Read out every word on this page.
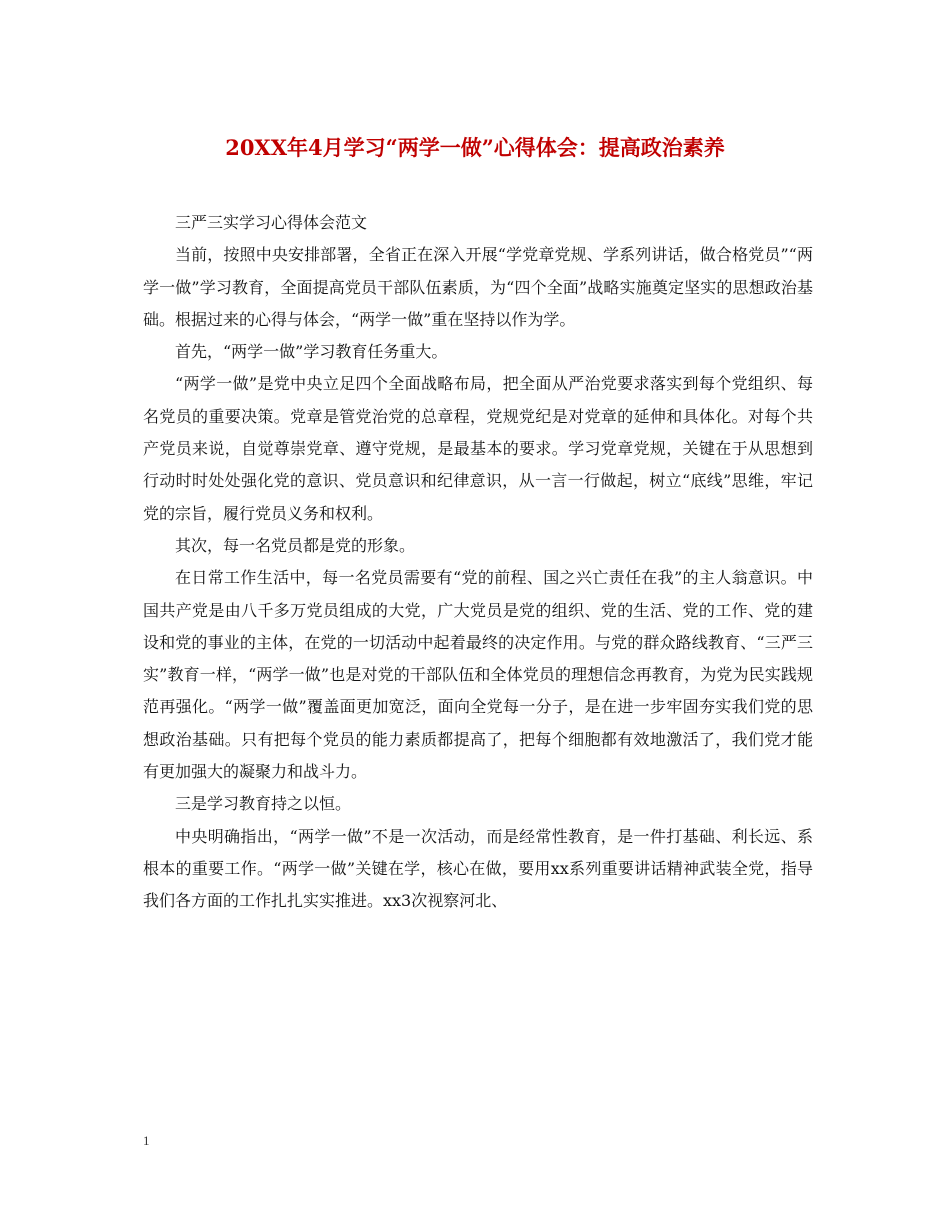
20XX年4月学习“两学一做”心得体会：提高政治素养

三严三实学习心得体会范文

当前，按照中央安排部署，全省正在深入开展“学党章党规、学系列讲话，做合格党员”“两学一做”学习教育，全面提高党员干部队伍素质，为“四个全面”战略实施奠定坚实的思想政治基础。根据过来的心得与体会，“两学一做”重在坚持以作为学。

首先，“两学一做”学习教育任务重大。

“两学一做”是党中央立足四个全面战略布局，把全面从严治党要求落实到每个党组织、每名党员的重要决策。党章是管党治党的总章程，党规党纪是对党章的延伸和具体化。对每个共产党员来说，自觉尊崇党章、遵守党规，是最基本的要求。学习党章党规，关键在于从思想到行动时时处处强化党的意识、党员意识和纪律意识，从一言一行做起，树立“底线”思维，牢记党的宗旨，履行党员义务和权利。

其次，每一名党员都是党的形象。

在日常工作生活中，每一名党员需要有“党的前程、国之兴亡责任在我”的主人翁意识。中国共产党是由八千多万党员组成的大党，广大党员是党的组织、党的生活、党的工作、党的建设和党的事业的主体，在党的一切活动中起着最终的决定作用。与党的群众路线教育、“三严三实”教育一样，“两学一做”也是对党的干部队伍和全体党员的理想信念再教育，为党为民实践规范再强化。“两学一做”覆盖面更加宽泛，面向全党每一分子，是在进一步牢固夯实我们党的思想政治基础。只有把每个党员的能力素质都提高了，把每个细胞都有效地激活了，我们党才能有更加强大的凝聚力和战斗力。

三是学习教育持之以恒。

中央明确指出，“两学一做”不是一次活动，而是经常性教育，是一件打基础、利长远、系根本的重要工作。“两学一做”关键在学，核心在做，要用xx系列重要讲话精神武装全党，指导我们各方面的工作扎扎实实推进。xx3次视察河北、

1
